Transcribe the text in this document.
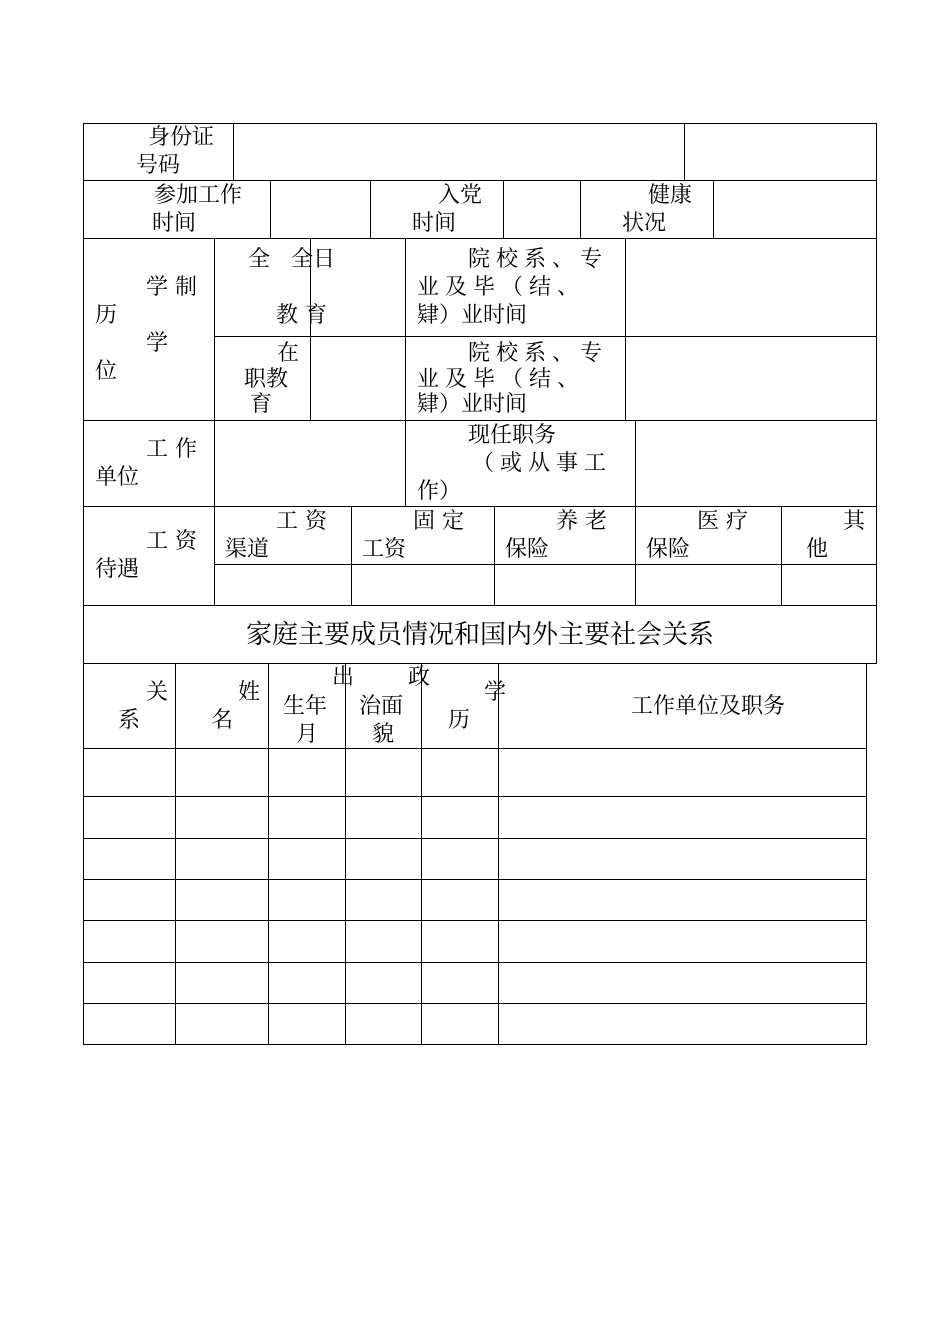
身份证
号码
参加工作
时间
入党
时间
健康
状况
学 制
历
学
位
全   全日
教 育
院校系、专
业及毕（结、
肄）业时间
在
职教
育
院校系、专
业及毕（结、
肄）业时间
工 作
单位
现任职务
（或从事工
作）
工 资
待遇
工 资
渠道
固 定
工资
养 老
保险
医 疗
保险
其
他
家庭主要成员情况和国内外主要社会关系
关
系
姓
名
出
生年
月
政
治面
貌
学
历
工作单位及职务
